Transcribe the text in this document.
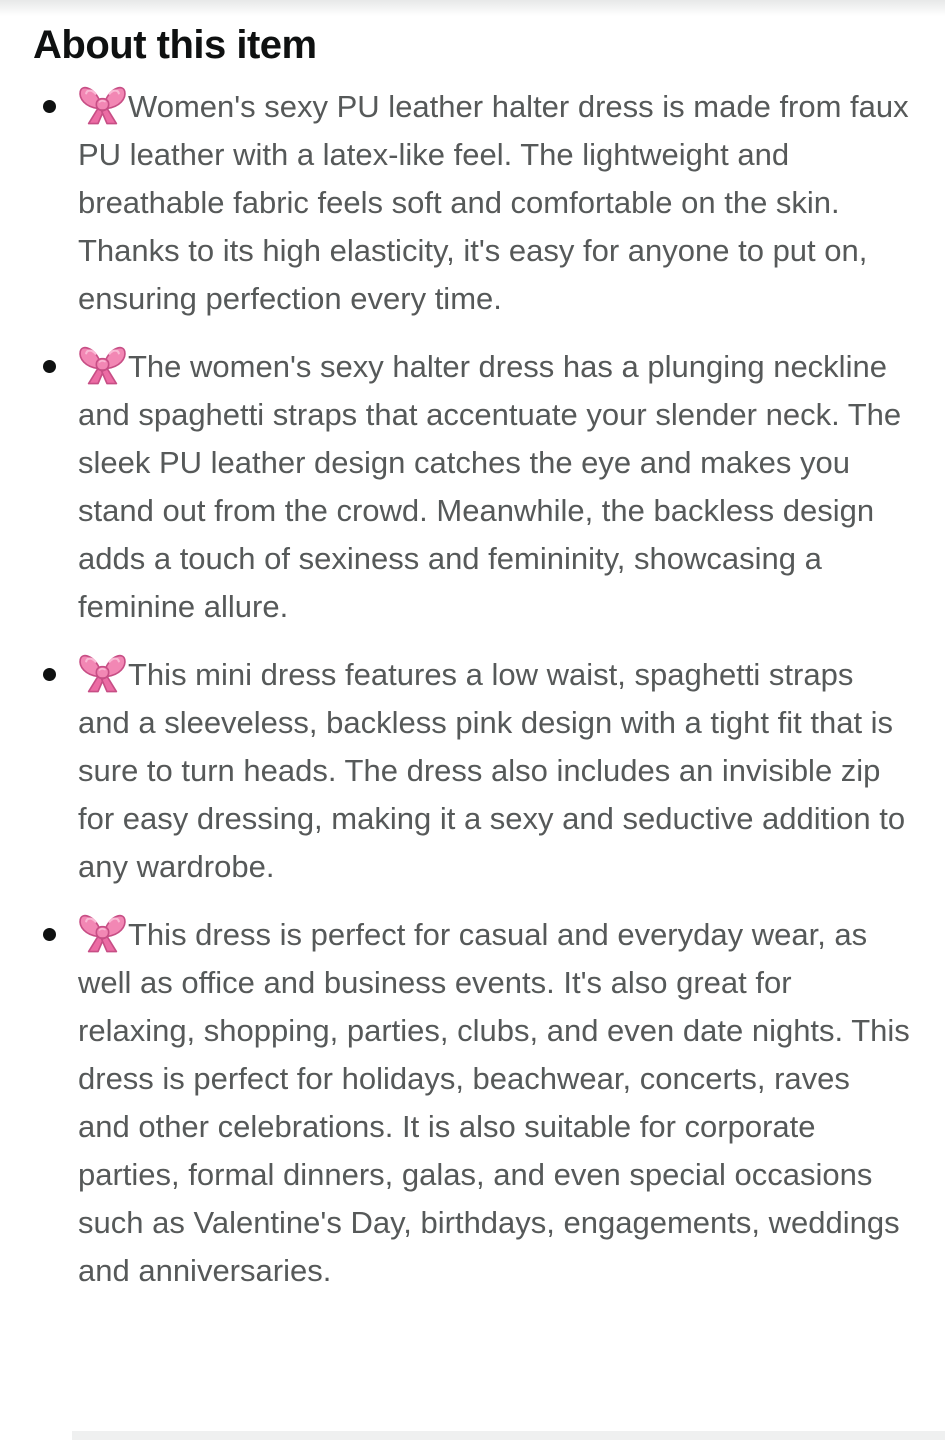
About this item
Women's sexy PU leather halter dress is made from faux PU leather with a latex-like feel. The lightweight and breathable fabric feels soft and comfortable on the skin. Thanks to its high elasticity, it's easy for anyone to put on, ensuring perfection every time.
The women's sexy halter dress has a plunging neckline and spaghetti straps that accentuate your slender neck. The sleek PU leather design catches the eye and makes you stand out from the crowd. Meanwhile, the backless design adds a touch of sexiness and femininity, showcasing a feminine allure.
This mini dress features a low waist, spaghetti straps and a sleeveless, backless pink design with a tight fit that is sure to turn heads. The dress also includes an invisible zip for easy dressing, making it a sexy and seductive addition to any wardrobe.
This dress is perfect for casual and everyday wear, as well as office and business events. It's also great for relaxing, shopping, parties, clubs, and even date nights. This dress is perfect for holidays, beachwear, concerts, raves and other celebrations. It is also suitable for corporate parties, formal dinners, galas, and even special occasions such as Valentine's Day, birthdays, engagements, weddings and anniversaries.
